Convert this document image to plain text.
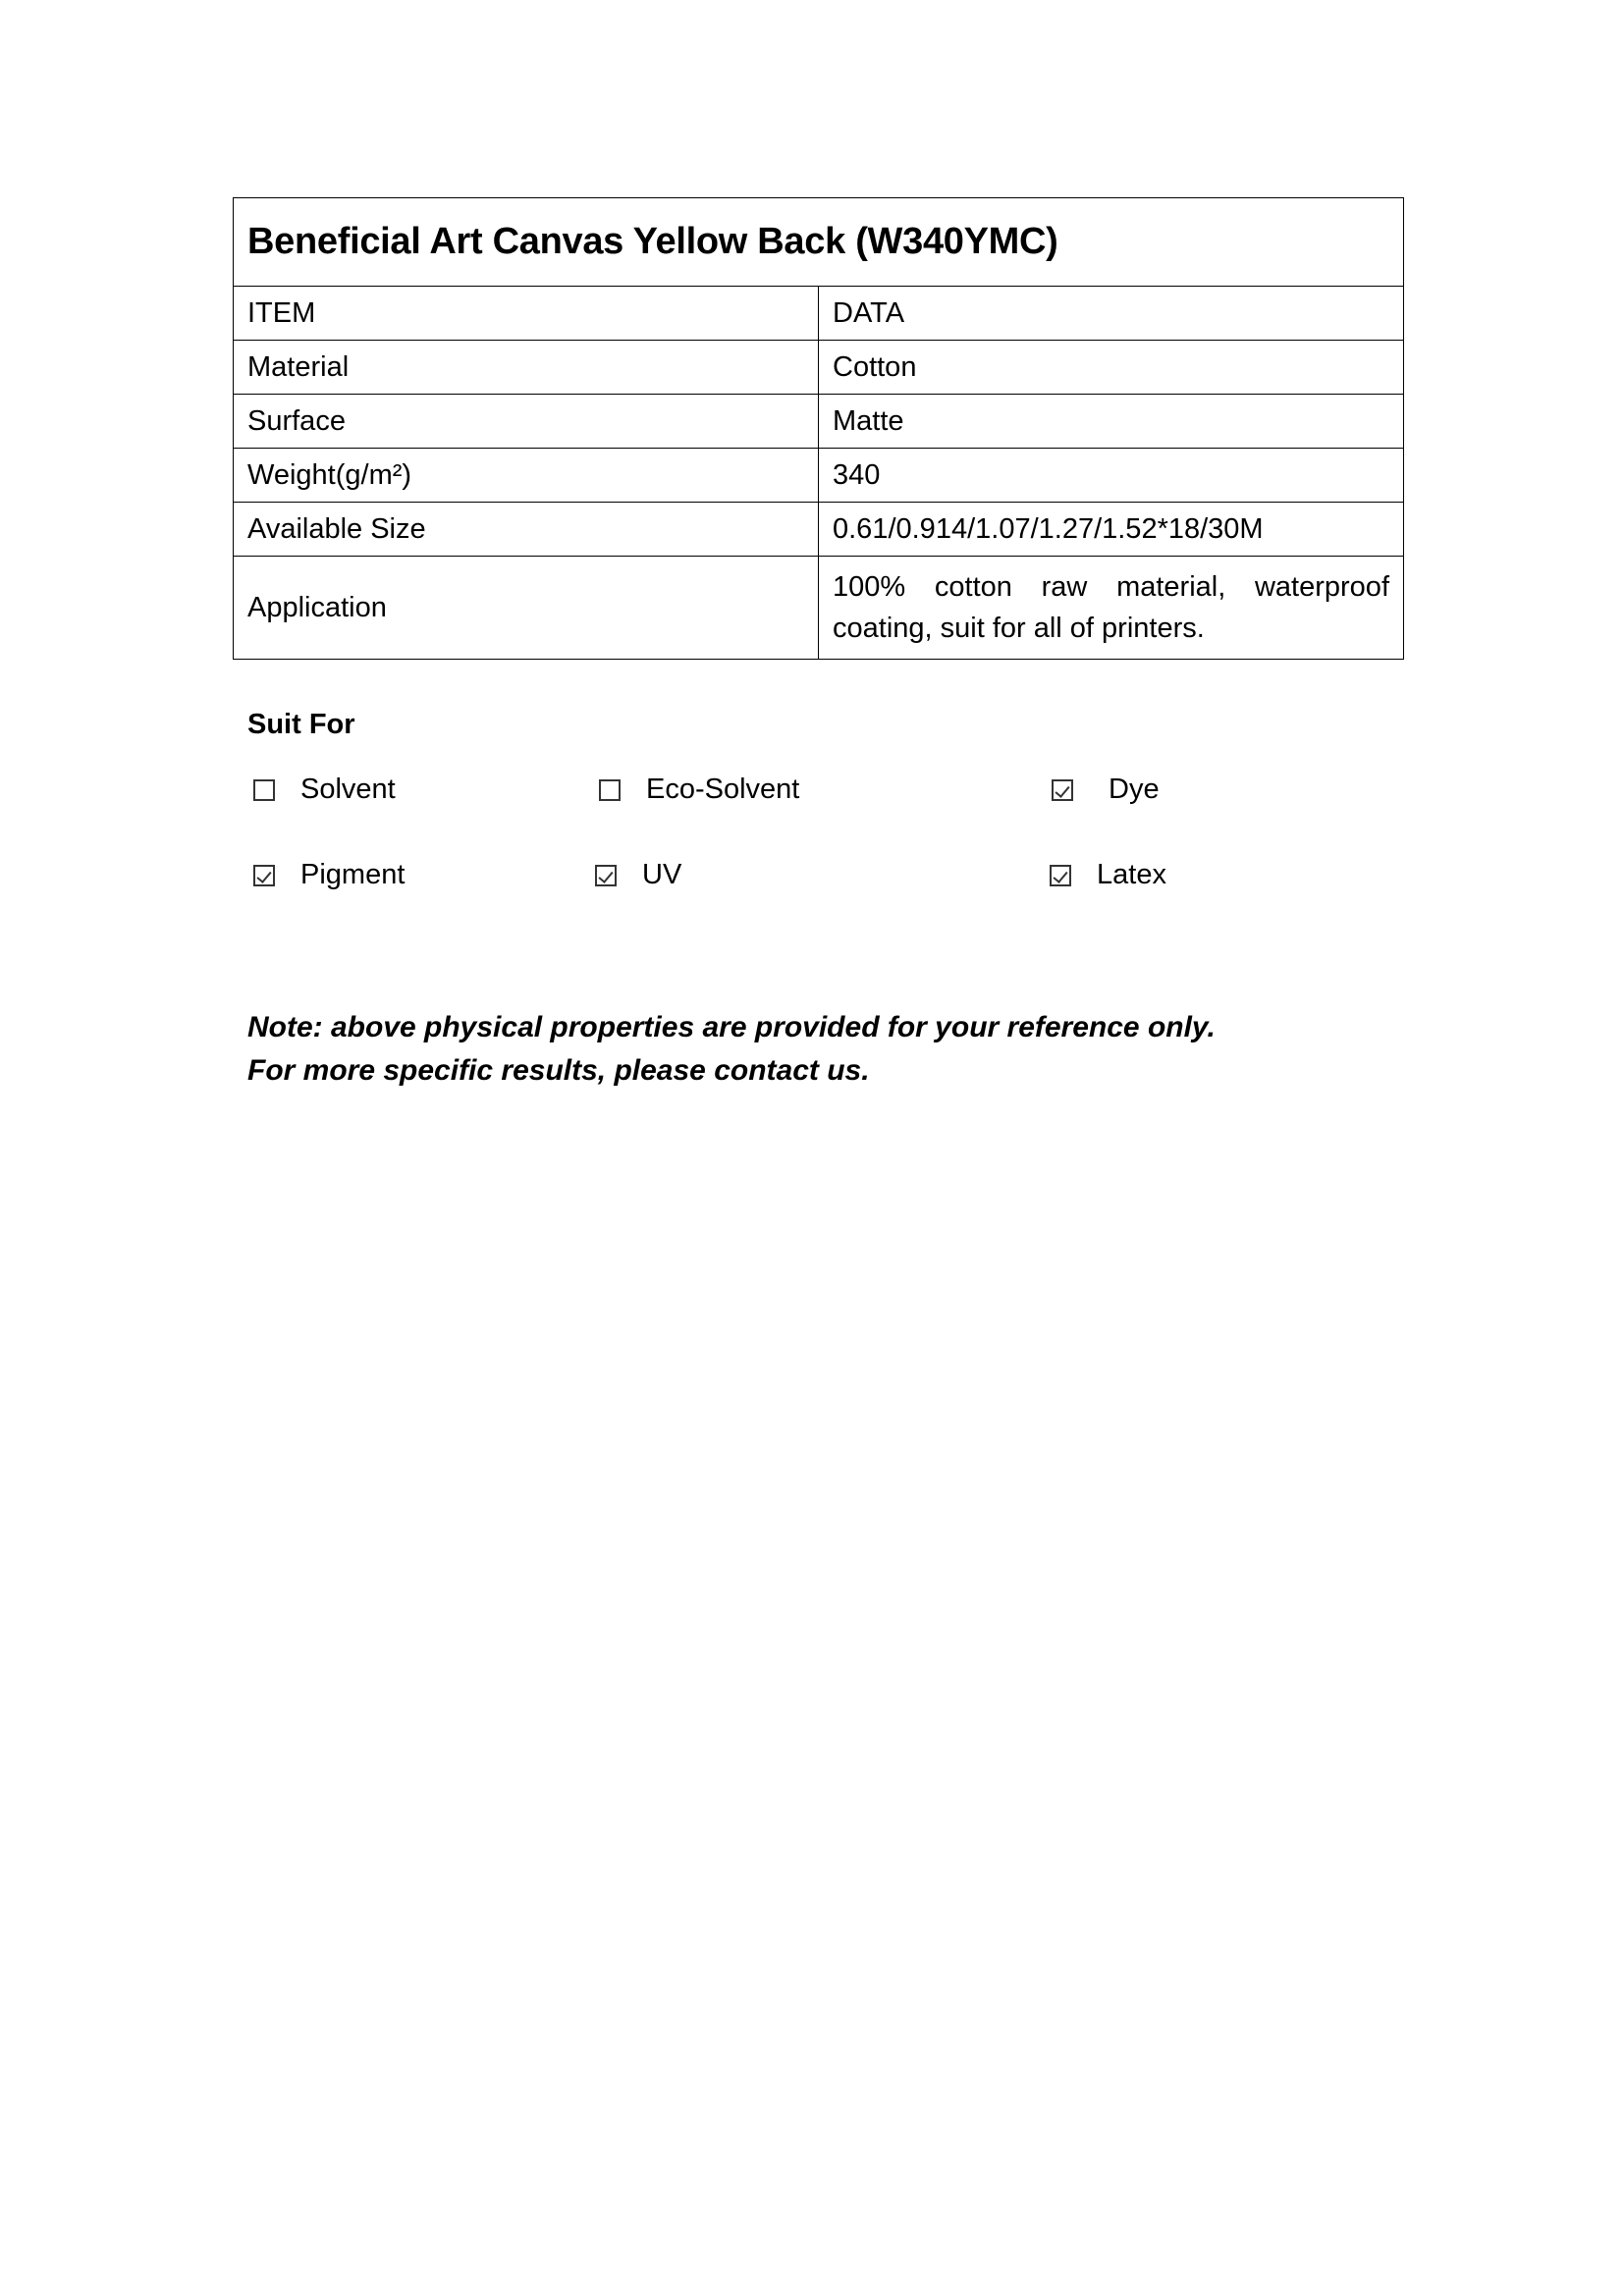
Beneficial Art Canvas Yellow Back (W340YMC)	
ITEM	DATA
Material	Cotton
Surface	Matte
Weight(g/m²)	340
Available Size	0.61/0.914/1.07/1.27/1.52*18/30M
Application	100% cotton raw material, waterproof coating, suit for all of printers.
Suit For
Solvent	Eco-Solvent	Dye
Pigment	UV	Latex
Note: above physical properties are provided for your reference only.
For more specific results, please contact us.
